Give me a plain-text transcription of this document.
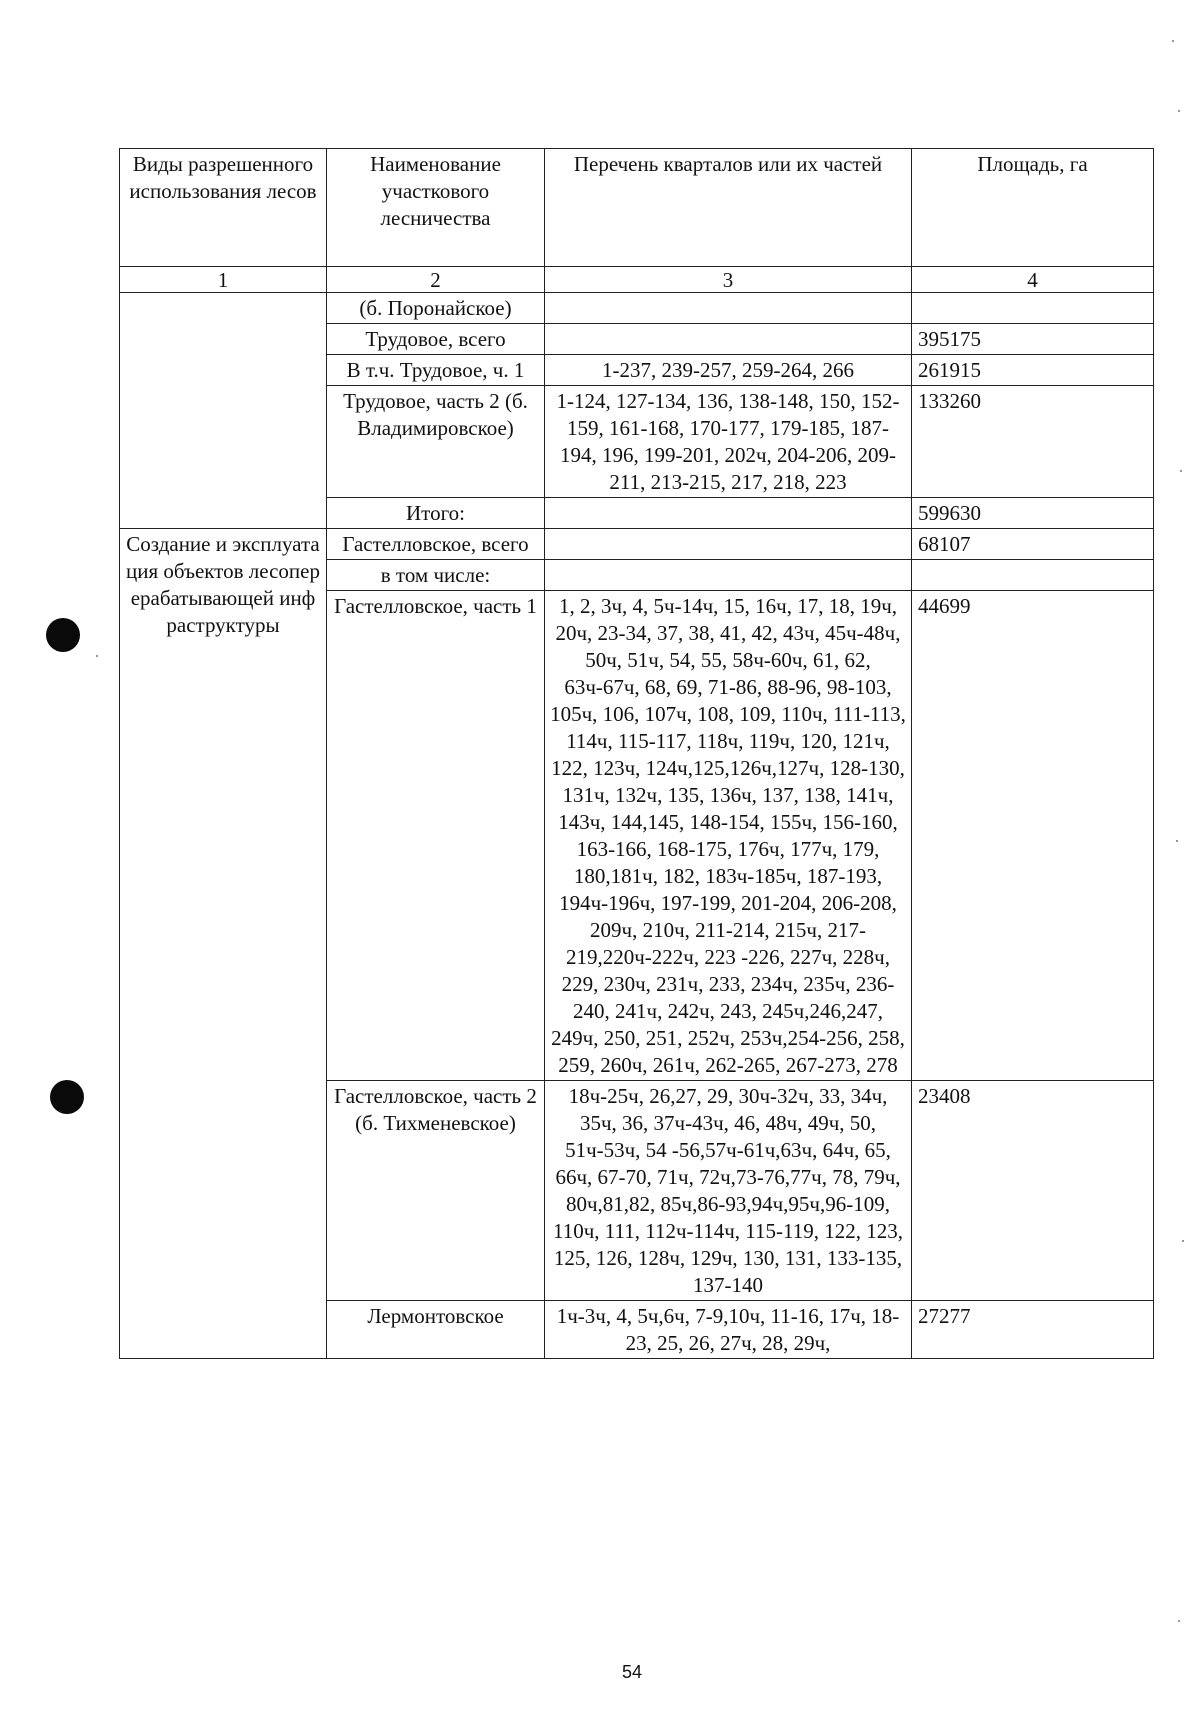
Виды разрешенного использования лесов	Наименование участкового лесничества	Перечень кварталов или их частей	Площадь, га
1	2	3	4
	(б. Поронайское)		
	Трудовое, всего		395175
	В т.ч. Трудовое, ч. 1	1-237, 239-257, 259-264, 266	261915
	Трудовое, часть 2 (б. Владимировское)	1-124, 127-134, 136, 138-148, 150, 152-159, 161-168, 170-177, 179-185, 187-194, 196, 199-201, 202ч, 204-206, 209-211, 213-215, 217, 218, 223	133260
	Итого:		599630
Создание и эксплуатация объектов лесоперерабатывающей инфраструктуры	Гастелловское, всего		68107
	в том числе:		
	Гастелловское, часть 1	1, 2, 3ч, 4, 5ч-14ч, 15, 16ч, 17, 18, 19ч, 20ч, 23-34, 37, 38, 41, 42, 43ч, 45ч-48ч, 50ч, 51ч, 54, 55, 58ч-60ч, 61, 62, 63ч-67ч, 68, 69, 71-86, 88-96, 98-103, 105ч, 106, 107ч, 108, 109, 110ч, 111-113, 114ч, 115-117, 118ч, 119ч, 120, 121ч, 122, 123ч, 124ч,125,126ч,127ч, 128-130, 131ч, 132ч, 135, 136ч, 137, 138, 141ч, 143ч, 144,145, 148-154, 155ч, 156-160, 163-166, 168-175, 176ч, 177ч, 179, 180,181ч, 182, 183ч-185ч, 187-193, 194ч-196ч, 197-199, 201-204, 206-208, 209ч, 210ч, 211-214, 215ч, 217-219,220ч-222ч, 223 -226, 227ч, 228ч, 229, 230ч, 231ч, 233, 234ч, 235ч, 236-240, 241ч, 242ч, 243, 245ч,246,247, 249ч, 250, 251, 252ч, 253ч,254-256, 258, 259, 260ч, 261ч, 262-265, 267-273, 278	44699
	Гастелловское, часть 2 (б. Тихменевское)	18ч-25ч, 26,27, 29, 30ч-32ч, 33, 34ч, 35ч, 36, 37ч-43ч, 46, 48ч, 49ч, 50, 51ч-53ч, 54 -56,57ч-61ч,63ч, 64ч, 65, 66ч, 67-70, 71ч, 72ч,73-76,77ч, 78, 79ч, 80ч,81,82, 85ч,86-93,94ч,95ч,96-109, 110ч, 111, 112ч-114ч, 115-119, 122, 123, 125, 126, 128ч, 129ч, 130, 131, 133-135, 137-140	23408
	Лермонтовское	1ч-3ч, 4, 5ч,6ч, 7-9,10ч, 11-16, 17ч, 18-23, 25, 26, 27ч, 28, 29ч,	27277
54
